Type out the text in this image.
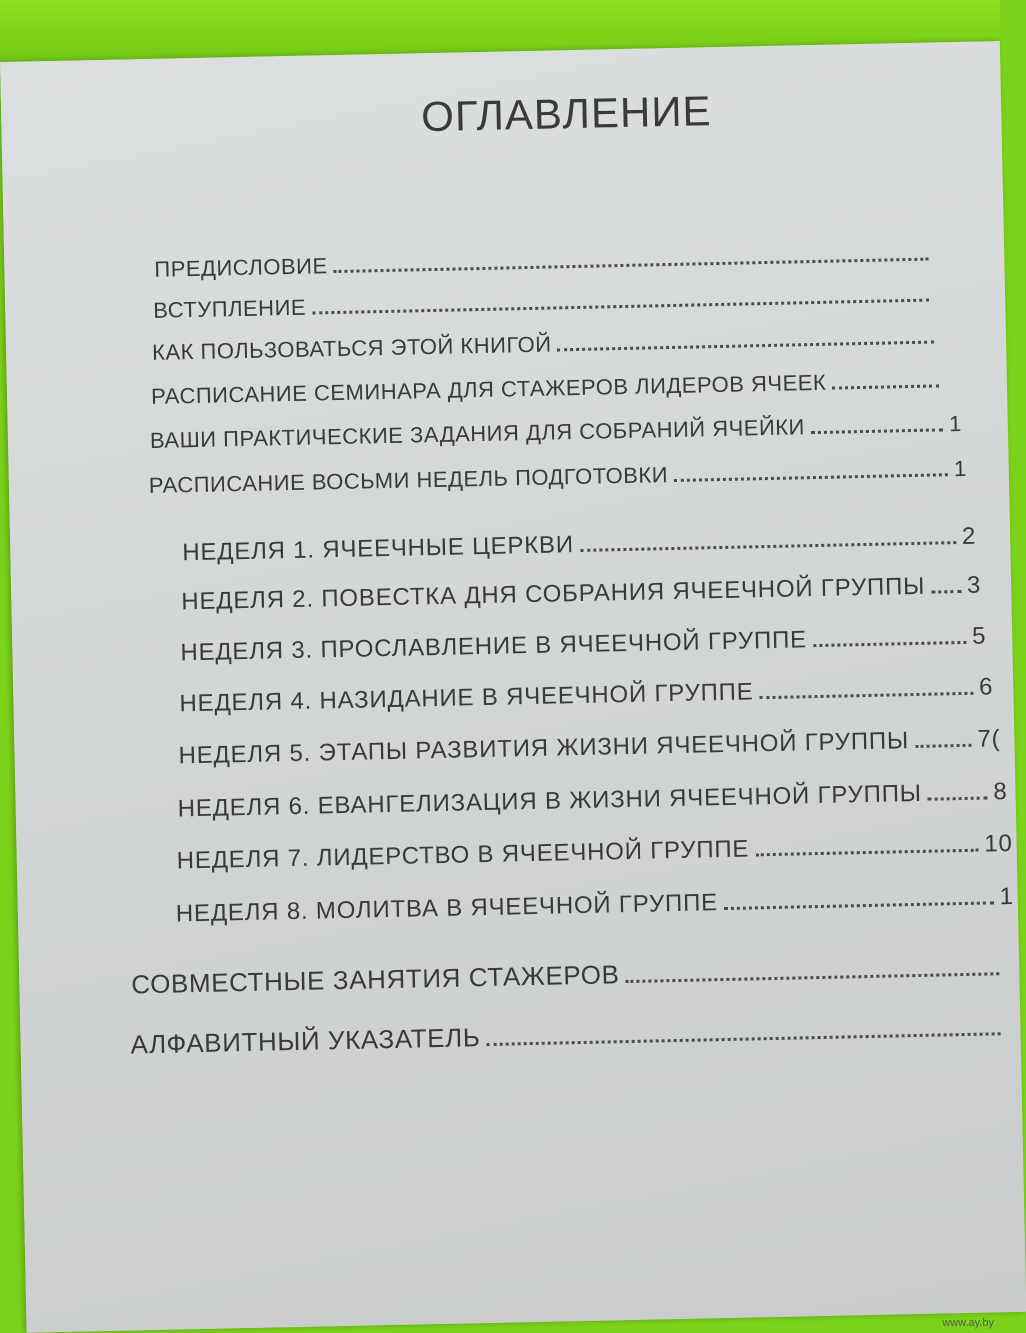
ОГЛАВЛЕНИЕ
ПРЕДИСЛОВИЕ
ВСТУПЛЕНИЕ
КАК ПОЛЬЗОВАТЬСЯ ЭТОЙ КНИГОЙ
РАСПИСАНИЕ СЕМИНАРА ДЛЯ СТАЖЕРОВ ЛИДЕРОВ ЯЧЕЕК
ВАШИ ПРАКТИЧЕСКИЕ ЗАДАНИЯ ДЛЯ СОБРАНИЙ ЯЧЕЙКИ	1
РАСПИСАНИЕ ВОСЬМИ НЕДЕЛЬ ПОДГОТОВКИ	1
НЕДЕЛЯ 1. ЯЧЕЕЧНЫЕ ЦЕРКВИ	2
НЕДЕЛЯ 2. ПОВЕСТКА ДНЯ СОБРАНИЯ ЯЧЕЕЧНОЙ ГРУППЫ 3
НЕДЕЛЯ 3. ПРОСЛАВЛЕНИЕ В ЯЧЕЕЧНОЙ ГРУППЕ	5
НЕДЕЛЯ 4. НАЗИДАНИЕ В ЯЧЕЕЧНОЙ ГРУППЕ	6
НЕДЕЛЯ 5. ЭТАПЫ РАЗВИТИЯ ЖИЗНИ ЯЧЕЕЧНОЙ ГРУППЫ	7(
НЕДЕЛЯ 6. ЕВАНГЕЛИЗАЦИЯ В ЖИЗНИ ЯЧЕЕЧНОЙ ГРУППЫ	8
НЕДЕЛЯ 7. ЛИДЕРСТВО В ЯЧЕЕЧНОЙ ГРУППЕ	10
НЕДЕЛЯ 8. МОЛИТВА В ЯЧЕЕЧНОЙ ГРУППЕ	1
СОВМЕСТНЫЕ ЗАНЯТИЯ СТАЖЕРОВ
АЛФАВИТНЫЙ УКАЗАТЕЛЬ
www.ay.by
